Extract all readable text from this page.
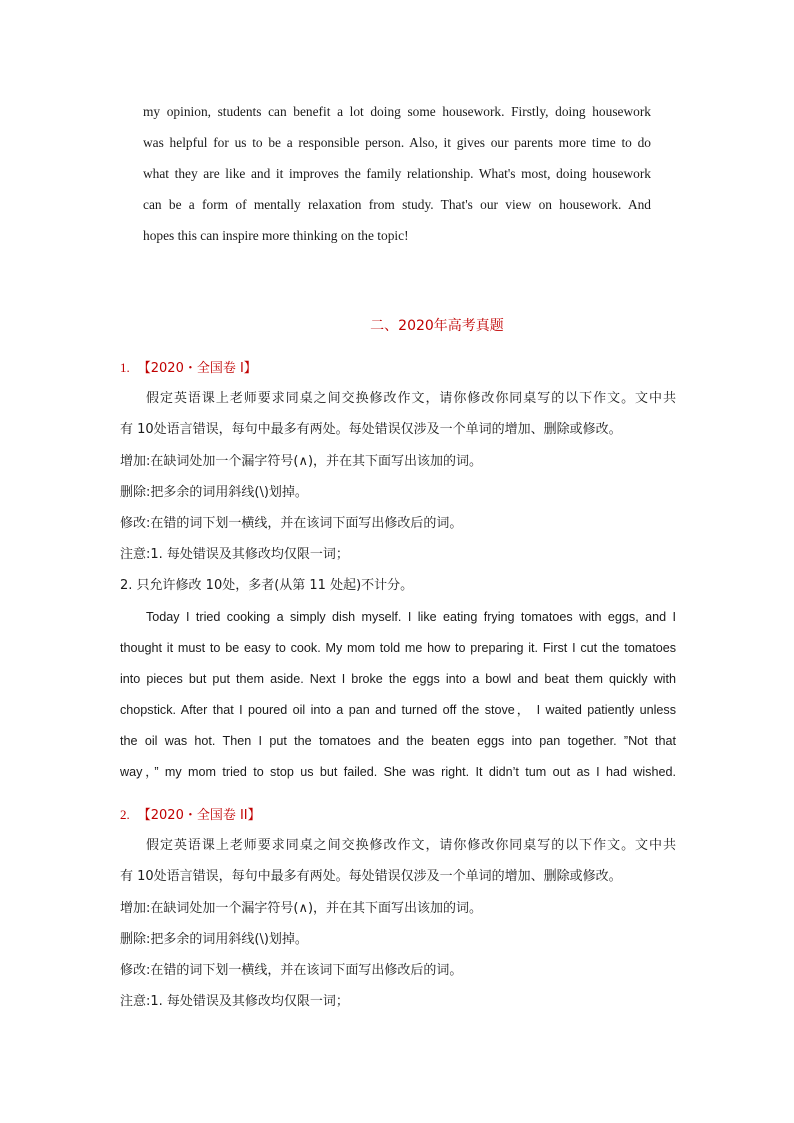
my opinion, students can benefit a lot doing some housework. Firstly, doing housework
was helpful for us to be a responsible person. Also, it gives our parents more time to do
what they are like and it improves the family relationship. What's most, doing housework
can be a form of mentally relaxation from study. That's our view on housework. And
hopes this can inspire more thinking on the topic!
二、2020年高考真题
1. 【2020・全国卷 I】
假定英语课上老师要求同桌之间交换修改作文，请你修改你同桌写的以下作文。文中共
有 10处语言错误，每句中最多有两处。每处错误仅涉及一个单词的增加、删除或修改。
增加:在缺词处加一个漏字符号(∧)，并在其下面写出该加的词。
删除:把多余的词用斜线(\)划掉。
修改:在错的词下划一横线，并在该词下面写出修改后的词。
注意:1. 每处错误及其修改均仅限一词；
2. 只允许修改 10处，多者(从第 11 处起)不计分。
Today I tried cooking a simply dish myself. I like eating frying tomatoes with eggs, and I
thought it must to be easy to cook. My mom told me how to preparing it. First I cut the tomatoes
into pieces but put them aside. Next I broke the eggs into a bowl and beat them quickly with
chopstick. After that I poured oil into a pan and turned off the stove， I waited patiently unless
the oil was hot. Then I put the tomatoes and the beaten eggs into pan together. ”Not that
way，” my mom tried to stop us but failed. She was right. It didn’t tum out as I had wished.
2. 【2020・全国卷 II】
假定英语课上老师要求同桌之间交换修改作文，请你修改你同桌写的以下作文。文中共
有 10处语言错误，每句中最多有两处。每处错误仅涉及一个单词的增加、删除或修改。
增加:在缺词处加一个漏字符号(∧)，并在其下面写出该加的词。
删除:把多余的词用斜线(\)划掉。
修改:在错的词下划一横线，并在该词下面写出修改后的词。
注意:1. 每处错误及其修改均仅限一词；
